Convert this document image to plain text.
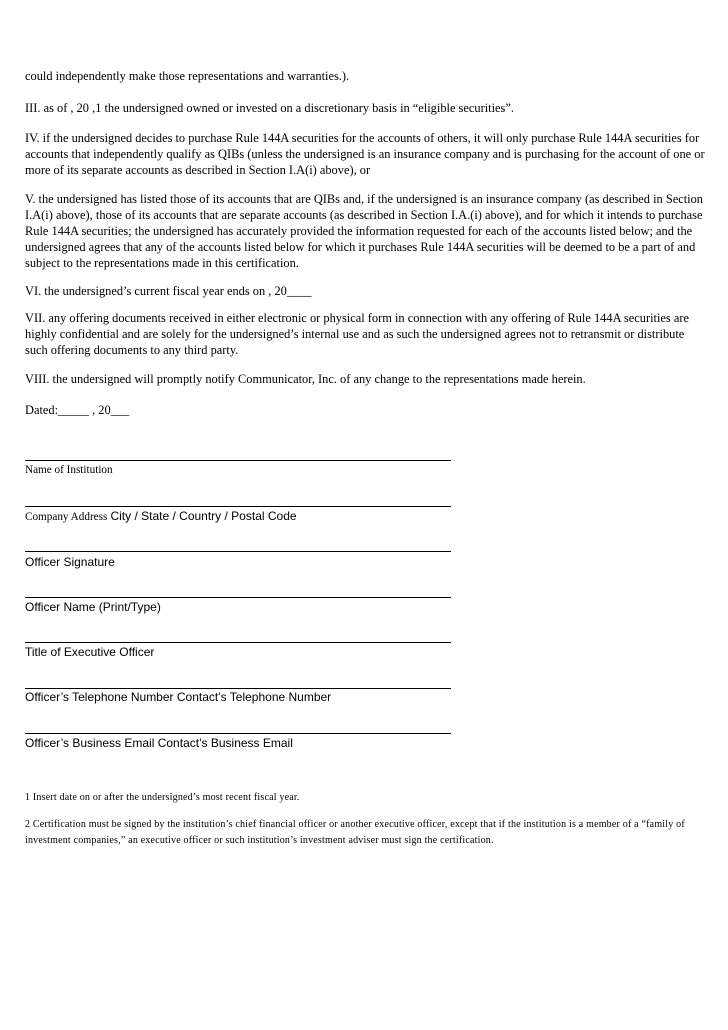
could independently make those representations and warranties.).

III. as of , 20 ,1 the undersigned owned or invested on a discretionary basis in “eligible securities”.

IV. if the undersigned decides to purchase Rule 144A securities for the accounts of others, it will only purchase Rule 144A securities for accounts that independently qualify as QIBs (unless the undersigned is an insurance company and is purchasing for the account of one or more of its separate accounts as described in Section I.A(i) above), or

V. the undersigned has listed those of its accounts that are QIBs and, if the undersigned is an insurance company (as described in Section I.A(i) above), those of its accounts that are separate accounts (as described in Section I.A.(i) above), and for which it intends to purchase Rule 144A securities; the undersigned has accurately provided the information requested for each of the accounts listed below; and the undersigned agrees that any of the accounts listed below for which it purchases Rule 144A securities will be deemed to be a part of and subject to the representations made in this certification.

VI. the undersigned’s current fiscal year ends on , 20____

VII. any offering documents received in either electronic or physical form in connection with any offering of Rule 144A securities are highly confidential and are solely for the undersigned’s internal use and as such the undersigned agrees not to retransmit or distribute such offering documents to any third party.

VIII. the undersigned will promptly notify Communicator, Inc. of any change to the representations made herein.

Dated:_____ , 20___

Name of Institution
Company Address City / State / Country / Postal Code
Officer Signature
Officer Name (Print/Type)
Title of Executive Officer
Officer’s Telephone Number Contact’s Telephone Number
Officer’s Business Email Contact’s Business Email

1 Insert date on or after the undersigned’s most recent fiscal year.

2 Certification must be signed by the institution’s chief financial officer or another executive officer, except that if the institution is a member of a “family of investment companies,” an executive officer or such institution’s investment adviser must sign the certification.
